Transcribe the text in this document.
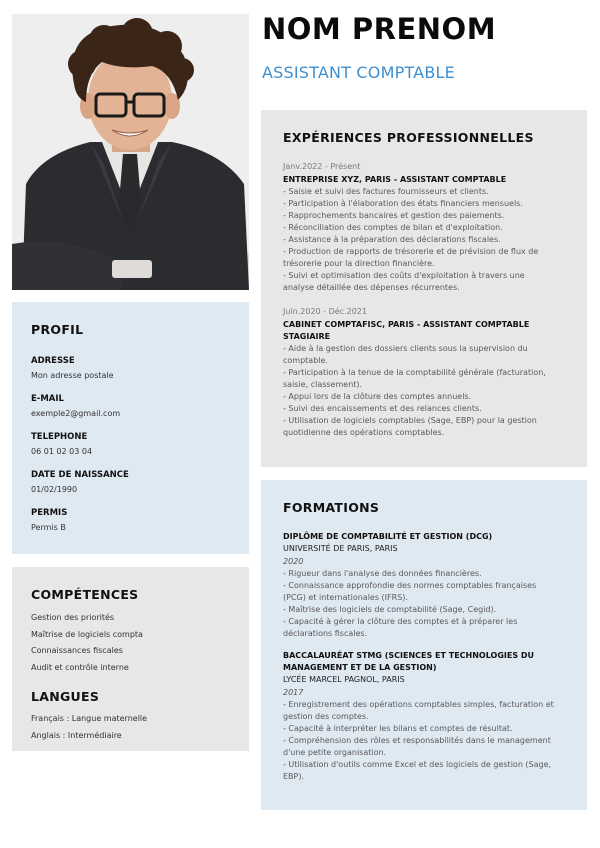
NOM PRENOM
ASSISTANT COMPTABLE
PROFIL
ADRESSE
Mon adresse postale
E-MAIL
exemple2@gmail.com
TELEPHONE
06 01 02 03 04
DATE DE NAISSANCE
01/02/1990
PERMIS
Permis B
COMPÉTENCES
Gestion des priorités
Maîtrise de logiciels compta
Connaissances fiscales
Audit et contrôle interne
LANGUES
Français : Langue maternelle
Anglais : Intermédiaire
EXPÉRIENCES PROFESSIONNELLES
Janv.2022 - Présent
ENTREPRISE XYZ, PARIS - ASSISTANT COMPTABLE
- Saisie et suivi des factures fournisseurs et clients.
- Participation à l'élaboration des états financiers mensuels.
- Rapprochements bancaires et gestion des paiements.
- Réconciliation des comptes de bilan et d'exploitation.
- Assistance à la préparation des déclarations fiscales.
- Production de rapports de trésorerie et de prévision de flux de
trésorerie pour la direction financière.
- Suivi et optimisation des coûts d'exploitation à travers une
analyse détaillée des dépenses récurrentes.
Juin.2020 - Déc.2021
CABINET COMPTAFISC, PARIS - ASSISTANT COMPTABLE
STAGIAIRE
- Aide à la gestion des dossiers clients sous la supervision du
comptable.
- Participation à la tenue de la comptabilité générale (facturation,
saisie, classement).
- Appui lors de la clôture des comptes annuels.
- Suivi des encaissements et des relances clients.
- Utilisation de logiciels comptables (Sage, EBP) pour la gestion
quotidienne des opérations comptables.
FORMATIONS
DIPLÔME DE COMPTABILITÉ ET GESTION (DCG)
UNIVERSITÉ DE PARIS, PARIS
2020
- Rigueur dans l'analyse des données financières.
- Connaissance approfondie des normes comptables françaises
(PCG) et internationales (IFRS).
- Maîtrise des logiciels de comptabilité (Sage, Cegid).
- Capacité à gérer la clôture des comptes et à préparer les
déclarations fiscales.
BACCALAURÉAT STMG (SCIENCES ET TECHNOLOGIES DU
MANAGEMENT ET DE LA GESTION)
LYCÉE MARCEL PAGNOL, PARIS
2017
- Enregistrement des opérations comptables simples, facturation et
gestion des comptes.
- Capacité à interpréter les bilans et comptes de résultat.
- Compréhension des rôles et responsabilités dans le management
d'une petite organisation.
- Utilisation d'outils comme Excel et des logiciels de gestion (Sage,
EBP).
